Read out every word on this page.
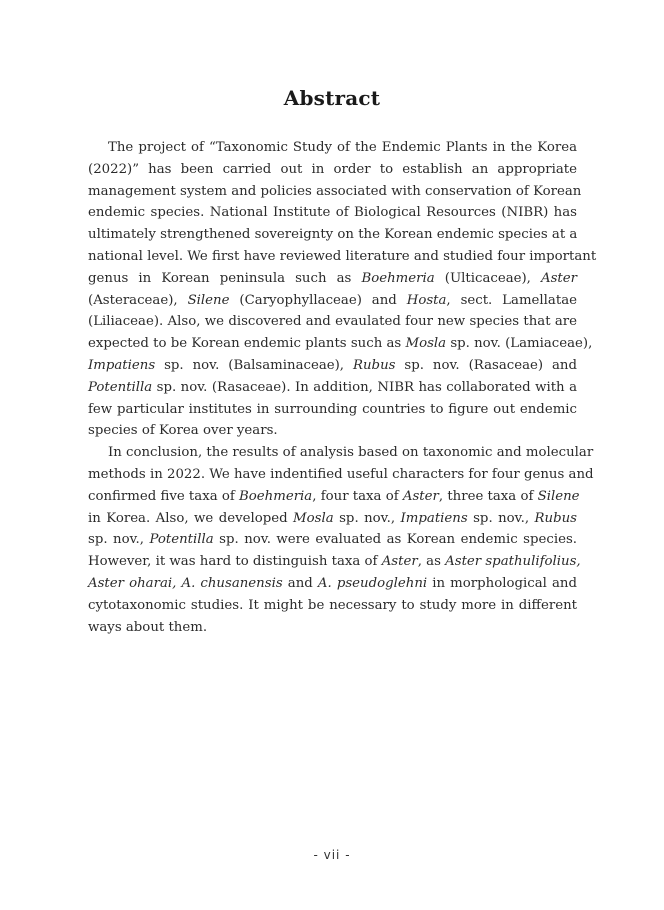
Abstract
The project of “Taxonomic Study of the Endemic Plants in the Korea
(2022)” has been carried out in order to establish an appropriate
management system and policies associated with conservation of Korean
endemic species. National Institute of Biological Resources (NIBR) has
ultimately strengthened sovereignty on the Korean endemic species at a
national level. We first have reviewed literature and studied four important
genus in Korean peninsula such as Boehmeria (Ulticaceae), Aster
(Asteraceae), Silene (Caryophyllaceae) and Hosta, sect. Lamellatae
(Liliaceae). Also, we discovered and evaulated four new species that are
expected to be Korean endemic plants such as Mosla sp. nov. (Lamiaceae),
Impatiens sp. nov. (Balsaminaceae), Rubus sp. nov. (Rasaceae) and
Potentilla sp. nov. (Rasaceae). In addition, NIBR has collaborated with a
few particular institutes in surrounding countries to figure out endemic
species of Korea over years.
In conclusion, the results of analysis based on taxonomic and molecular
methods in 2022. We have indentified useful characters for four genus and
confirmed five taxa of Boehmeria, four taxa of Aster, three taxa of Silene
in Korea. Also, we developed Mosla sp. nov., Impatiens sp. nov., Rubus
sp. nov., Potentilla sp. nov. were evaluated as Korean endemic species.
However, it was hard to distinguish taxa of Aster, as Aster spathulifolius,
Aster oharai, A. chusanensis and A. pseudoglehni in morphological and
cytotaxonomic studies. It might be necessary to study more in different
ways about them.
- vii -
